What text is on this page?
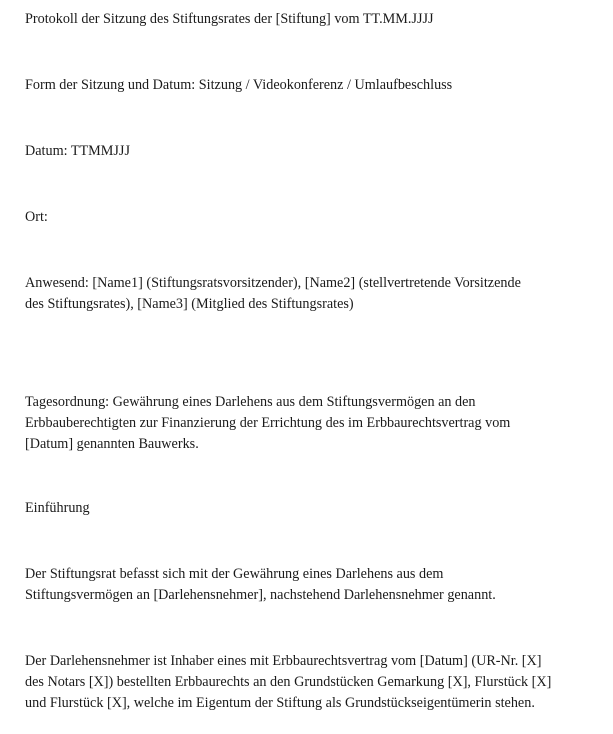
Protokoll der Sitzung des Stiftungsrates der [Stiftung] vom TT.MM.JJJJ

Form der Sitzung und Datum: Sitzung / Videokonferenz / Umlaufbeschluss

Datum: TTMMJJJ

Ort:

Anwesend: [Name1] (Stiftungsratsvorsitzender), [Name2] (stellvertretende Vorsitzende
des Stiftungsrates), [Name3] (Mitglied des Stiftungsrates)

Tagesordnung: Gewährung eines Darlehens aus dem Stiftungsvermögen an den
Erbbauberechtigten zur Finanzierung der Errichtung des im Erbbaurechtsvertrag vom
[Datum] genannten Bauwerks.

Einführung

Der Stiftungsrat befasst sich mit der Gewährung eines Darlehens aus dem
Stiftungsvermögen an [Darlehensnehmer], nachstehend Darlehensnehmer genannt.

Der Darlehensnehmer ist Inhaber eines mit Erbbaurechtsvertrag vom [Datum] (UR-Nr. [X]
des Notars [X]) bestellten Erbbaurechts an den Grundstücken Gemarkung [X], Flurstück [X]
und Flurstück [X], welche im Eigentum der Stiftung als Grundstückseigentümerin stehen.
